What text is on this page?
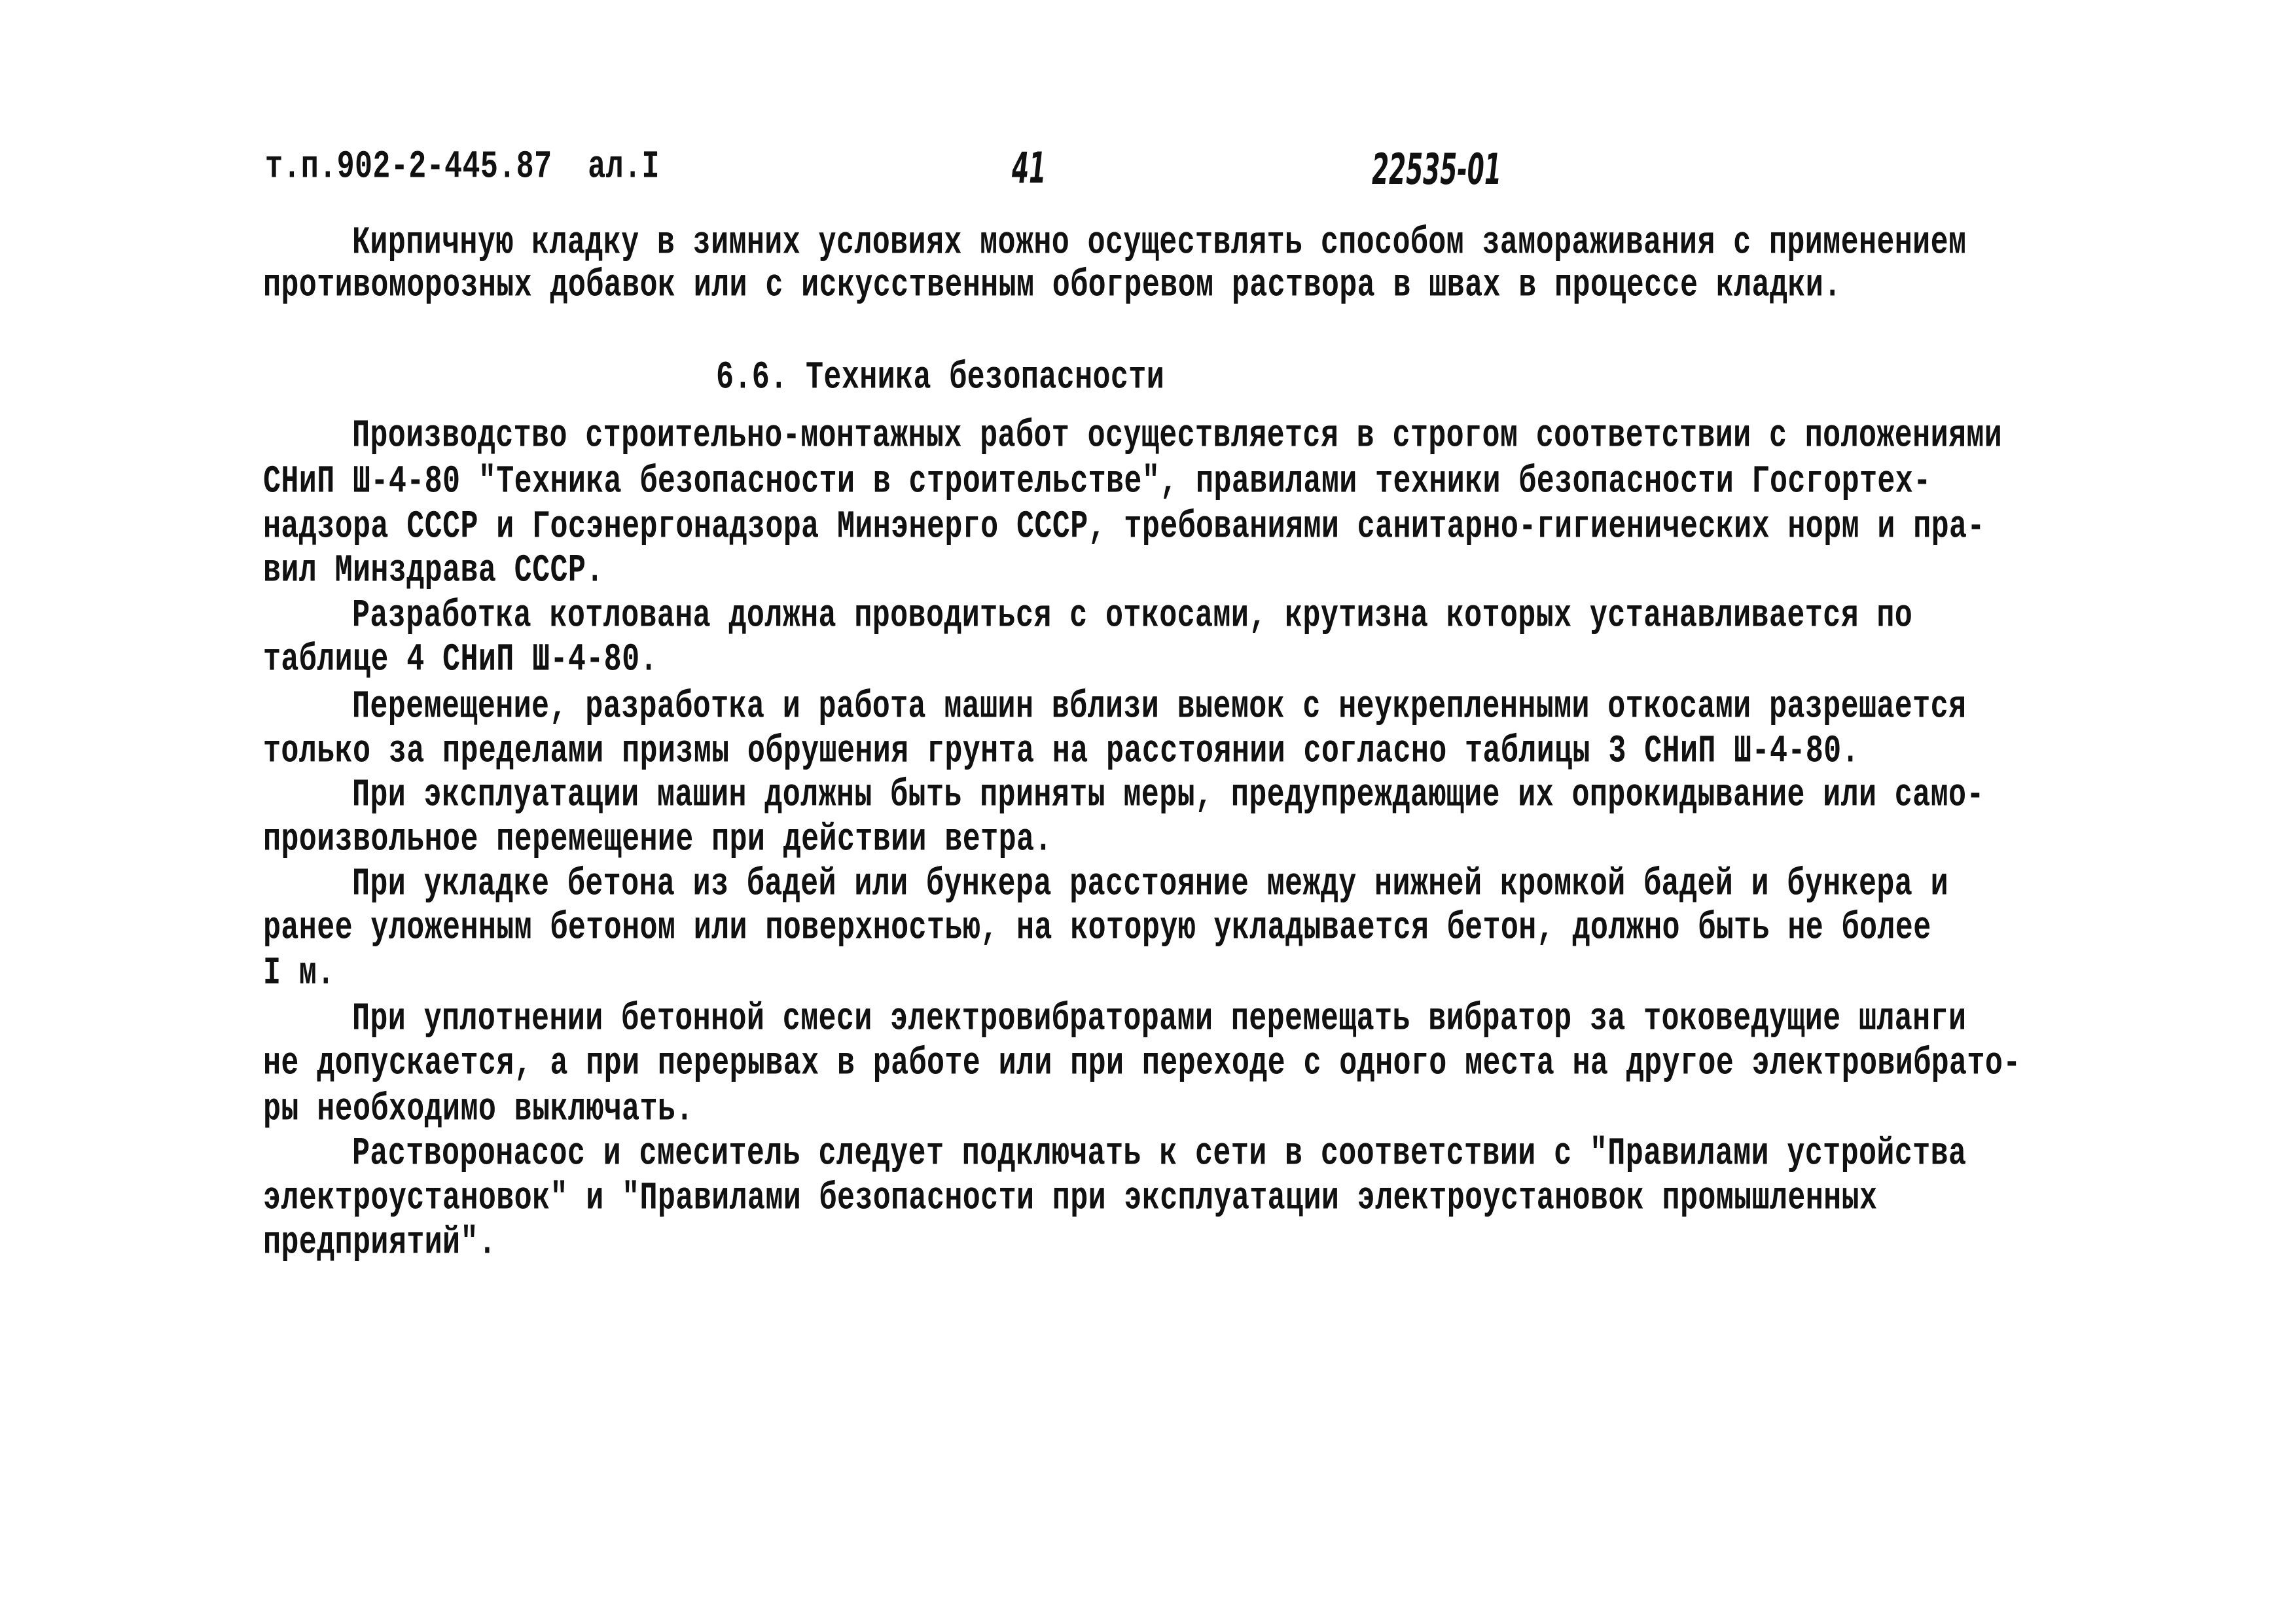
т.п.902-2-445.87  ал.I	41	22535-01
Кирпичную кладку в зимних условиях можно осуществлять способом замораживания с применением
противоморозных добавок или с искусственным обогревом раствора в швах в процессе кладки.
6.6. Техника безопасности
Производство строительно-монтажных работ осуществляется в строгом соответствии с положениями
СНиП Ш-4-80 "Техника безопасности в строительстве", правилами техники безопасности Госгортех-
надзора СССР и Госэнергонадзора Минэнерго СССР, требованиями санитарно-гигиенических норм и пра-
вил Минздрава СССР.
Разработка котлована должна проводиться с откосами, крутизна которых устанавливается по
таблице 4 СНиП Ш-4-80.
Перемещение, разработка и работа машин вблизи выемок с неукрепленными откосами разрешается
только за пределами призмы обрушения грунта на расстоянии согласно таблицы 3 СНиП Ш-4-80.
При эксплуатации машин должны быть приняты меры, предупреждающие их опрокидывание или само-
произвольное перемещение при действии ветра.
При укладке бетона из бадей или бункера расстояние между нижней кромкой бадей и бункера и
ранее уложенным бетоном или поверхностью, на которую укладывается бетон, должно быть не более
I м.
При уплотнении бетонной смеси электровибраторами перемещать вибратор за токоведущие шланги
не допускается, а при перерывах в работе или при переходе с одного места на другое электровибрато-
ры необходимо выключать.
Растворонасос и смеситель следует подключать к сети в соответствии с "Правилами устройства
электроустановок" и "Правилами безопасности при эксплуатации электроустановок промышленных
предприятий".
